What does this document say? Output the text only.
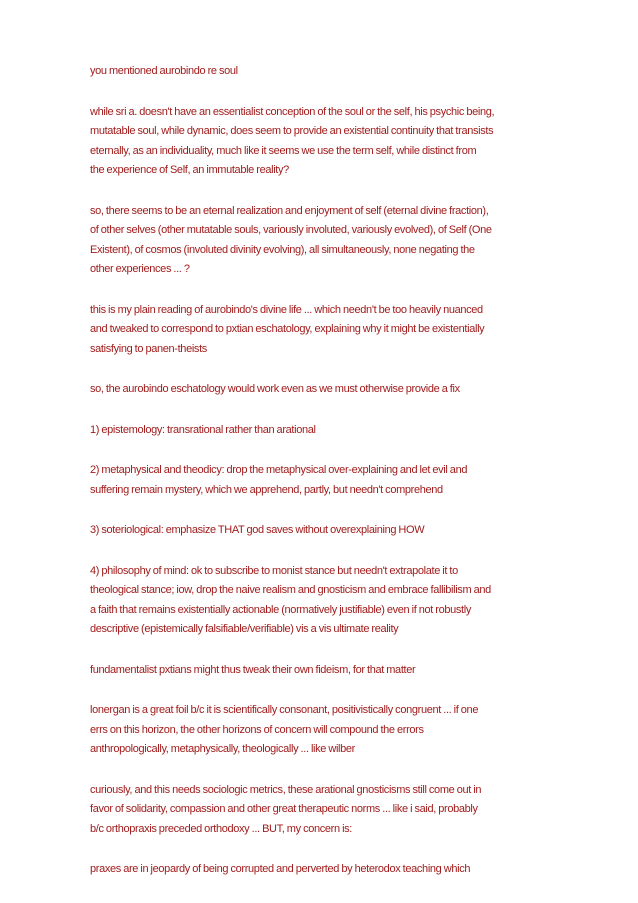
you mentioned aurobindo re soul

while sri a. doesn't have an essentialist conception of the soul or the self, his psychic being,
mutatable soul, while dynamic, does seem to provide an existential continuity that transists
eternally, as an individuality, much like it seems we use the term self, while distinct from
the experience of Self, an immutable reality?

so, there seems to be an eternal realization and enjoyment of self (eternal divine fraction),
of other selves (other mutatable souls, variously involuted, variously evolved), of Self (One
Existent), of cosmos (involuted divinity evolving), all simultaneously, none negating the
other experiences ... ?

this is my plain reading of aurobindo's divine life ... which needn't be too heavily nuanced
and tweaked to correspond to pxtian eschatology, explaining why it might be existentially
satisfying to panen-theists

so, the aurobindo eschatology would work even as we must otherwise provide a fix

1) epistemology: transrational rather than arational

2) metaphysical and theodicy: drop the metaphysical over-explaining and let evil and
suffering remain mystery, which we apprehend, partly, but needn't comprehend

3) soteriological: emphasize THAT god saves without overexplaining HOW

4) philosophy of mind: ok to subscribe to monist stance but needn't extrapolate it to
theological stance; iow, drop the naive realism and gnosticism and embrace fallibilism and
a faith that remains existentially actionable (normatively justifiable) even if not robustly
descriptive (epistemically falsifiable/verifiable) vis a vis ultimate reality

fundamentalist pxtians might thus tweak their own fideism, for that matter

lonergan is a great foil b/c it is scientifically consonant, positivistically congruent ... if one
errs on this horizon, the other horizons of concern will compound the errors
anthropologically, metaphysically, theologically ... like wilber

curiously, and this needs sociologic metrics, these arational gnosticisms still come out in
favor of solidarity, compassion and other great therapeutic norms ... like i said, probably
b/c orthopraxis preceded orthodoxy ... BUT, my concern is:

praxes are in jeopardy of being corrupted and perverted by heterodox teaching which
